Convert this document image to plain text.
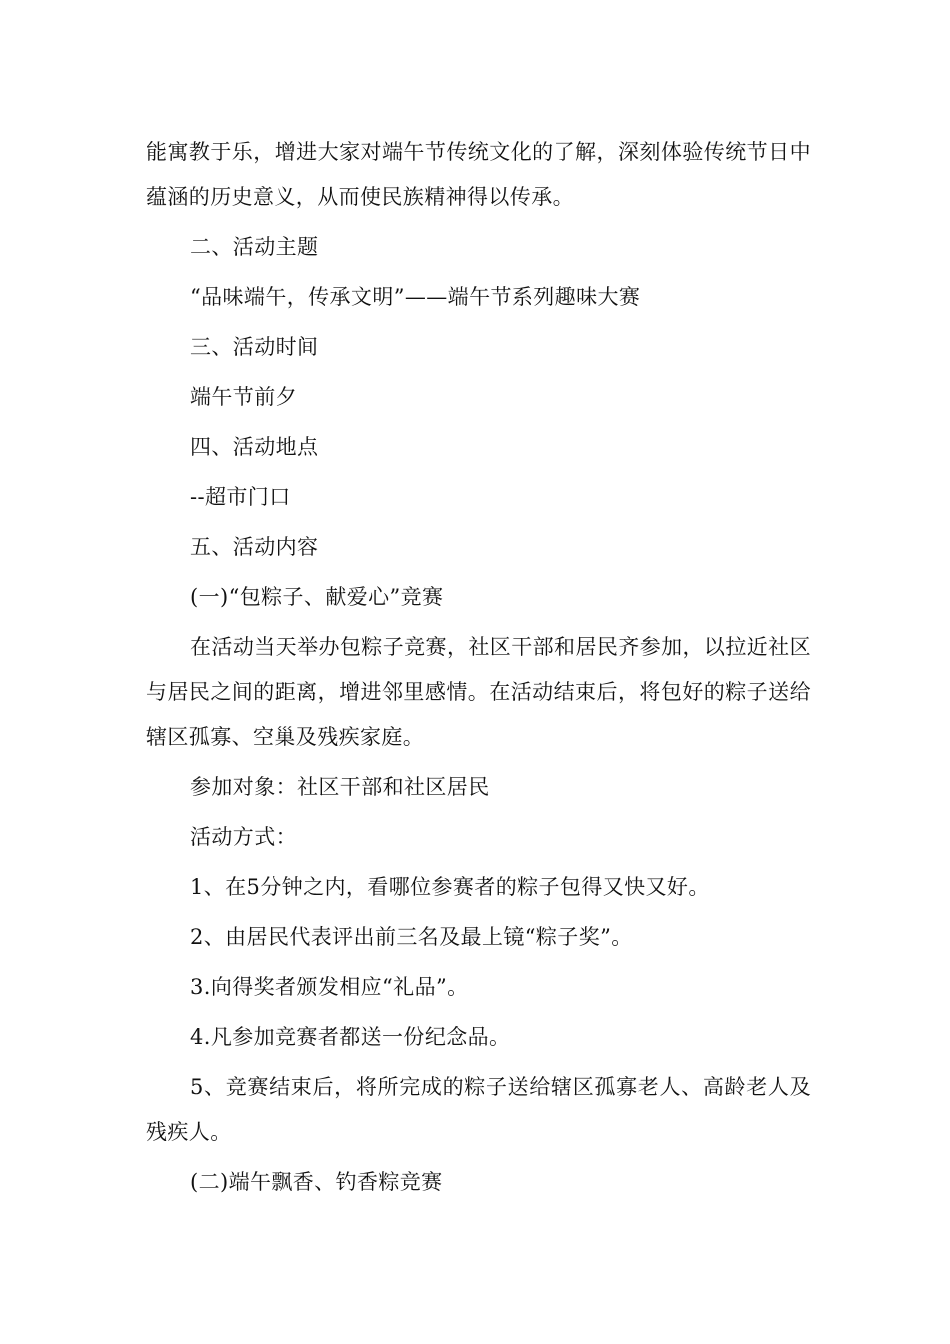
能寓教于乐，增进大家对端午节传统文化的了解，深刻体验传统节日中蕴涵的历史意义，从而使民族精神得以传承。

二、活动主题

“品味端午，传承文明”——端午节系列趣味大赛

三、活动时间

端午节前夕

四、活动地点

--超市门口

五、活动内容

(一)“包粽子、献爱心”竞赛

在活动当天举办包粽子竞赛，社区干部和居民齐参加，以拉近社区与居民之间的距离，增进邻里感情。在活动结束后，将包好的粽子送给辖区孤寡、空巢及残疾家庭。

参加对象：社区干部和社区居民

活动方式：

1、在5分钟之内，看哪位参赛者的粽子包得又快又好。

2、由居民代表评出前三名及最上镜“粽子奖”。

3.向得奖者颁发相应“礼品”。

4.凡参加竞赛者都送一份纪念品。

5、竞赛结束后，将所完成的粽子送给辖区孤寡老人、高龄老人及残疾人。

(二)端午飘香、钓香粽竞赛
